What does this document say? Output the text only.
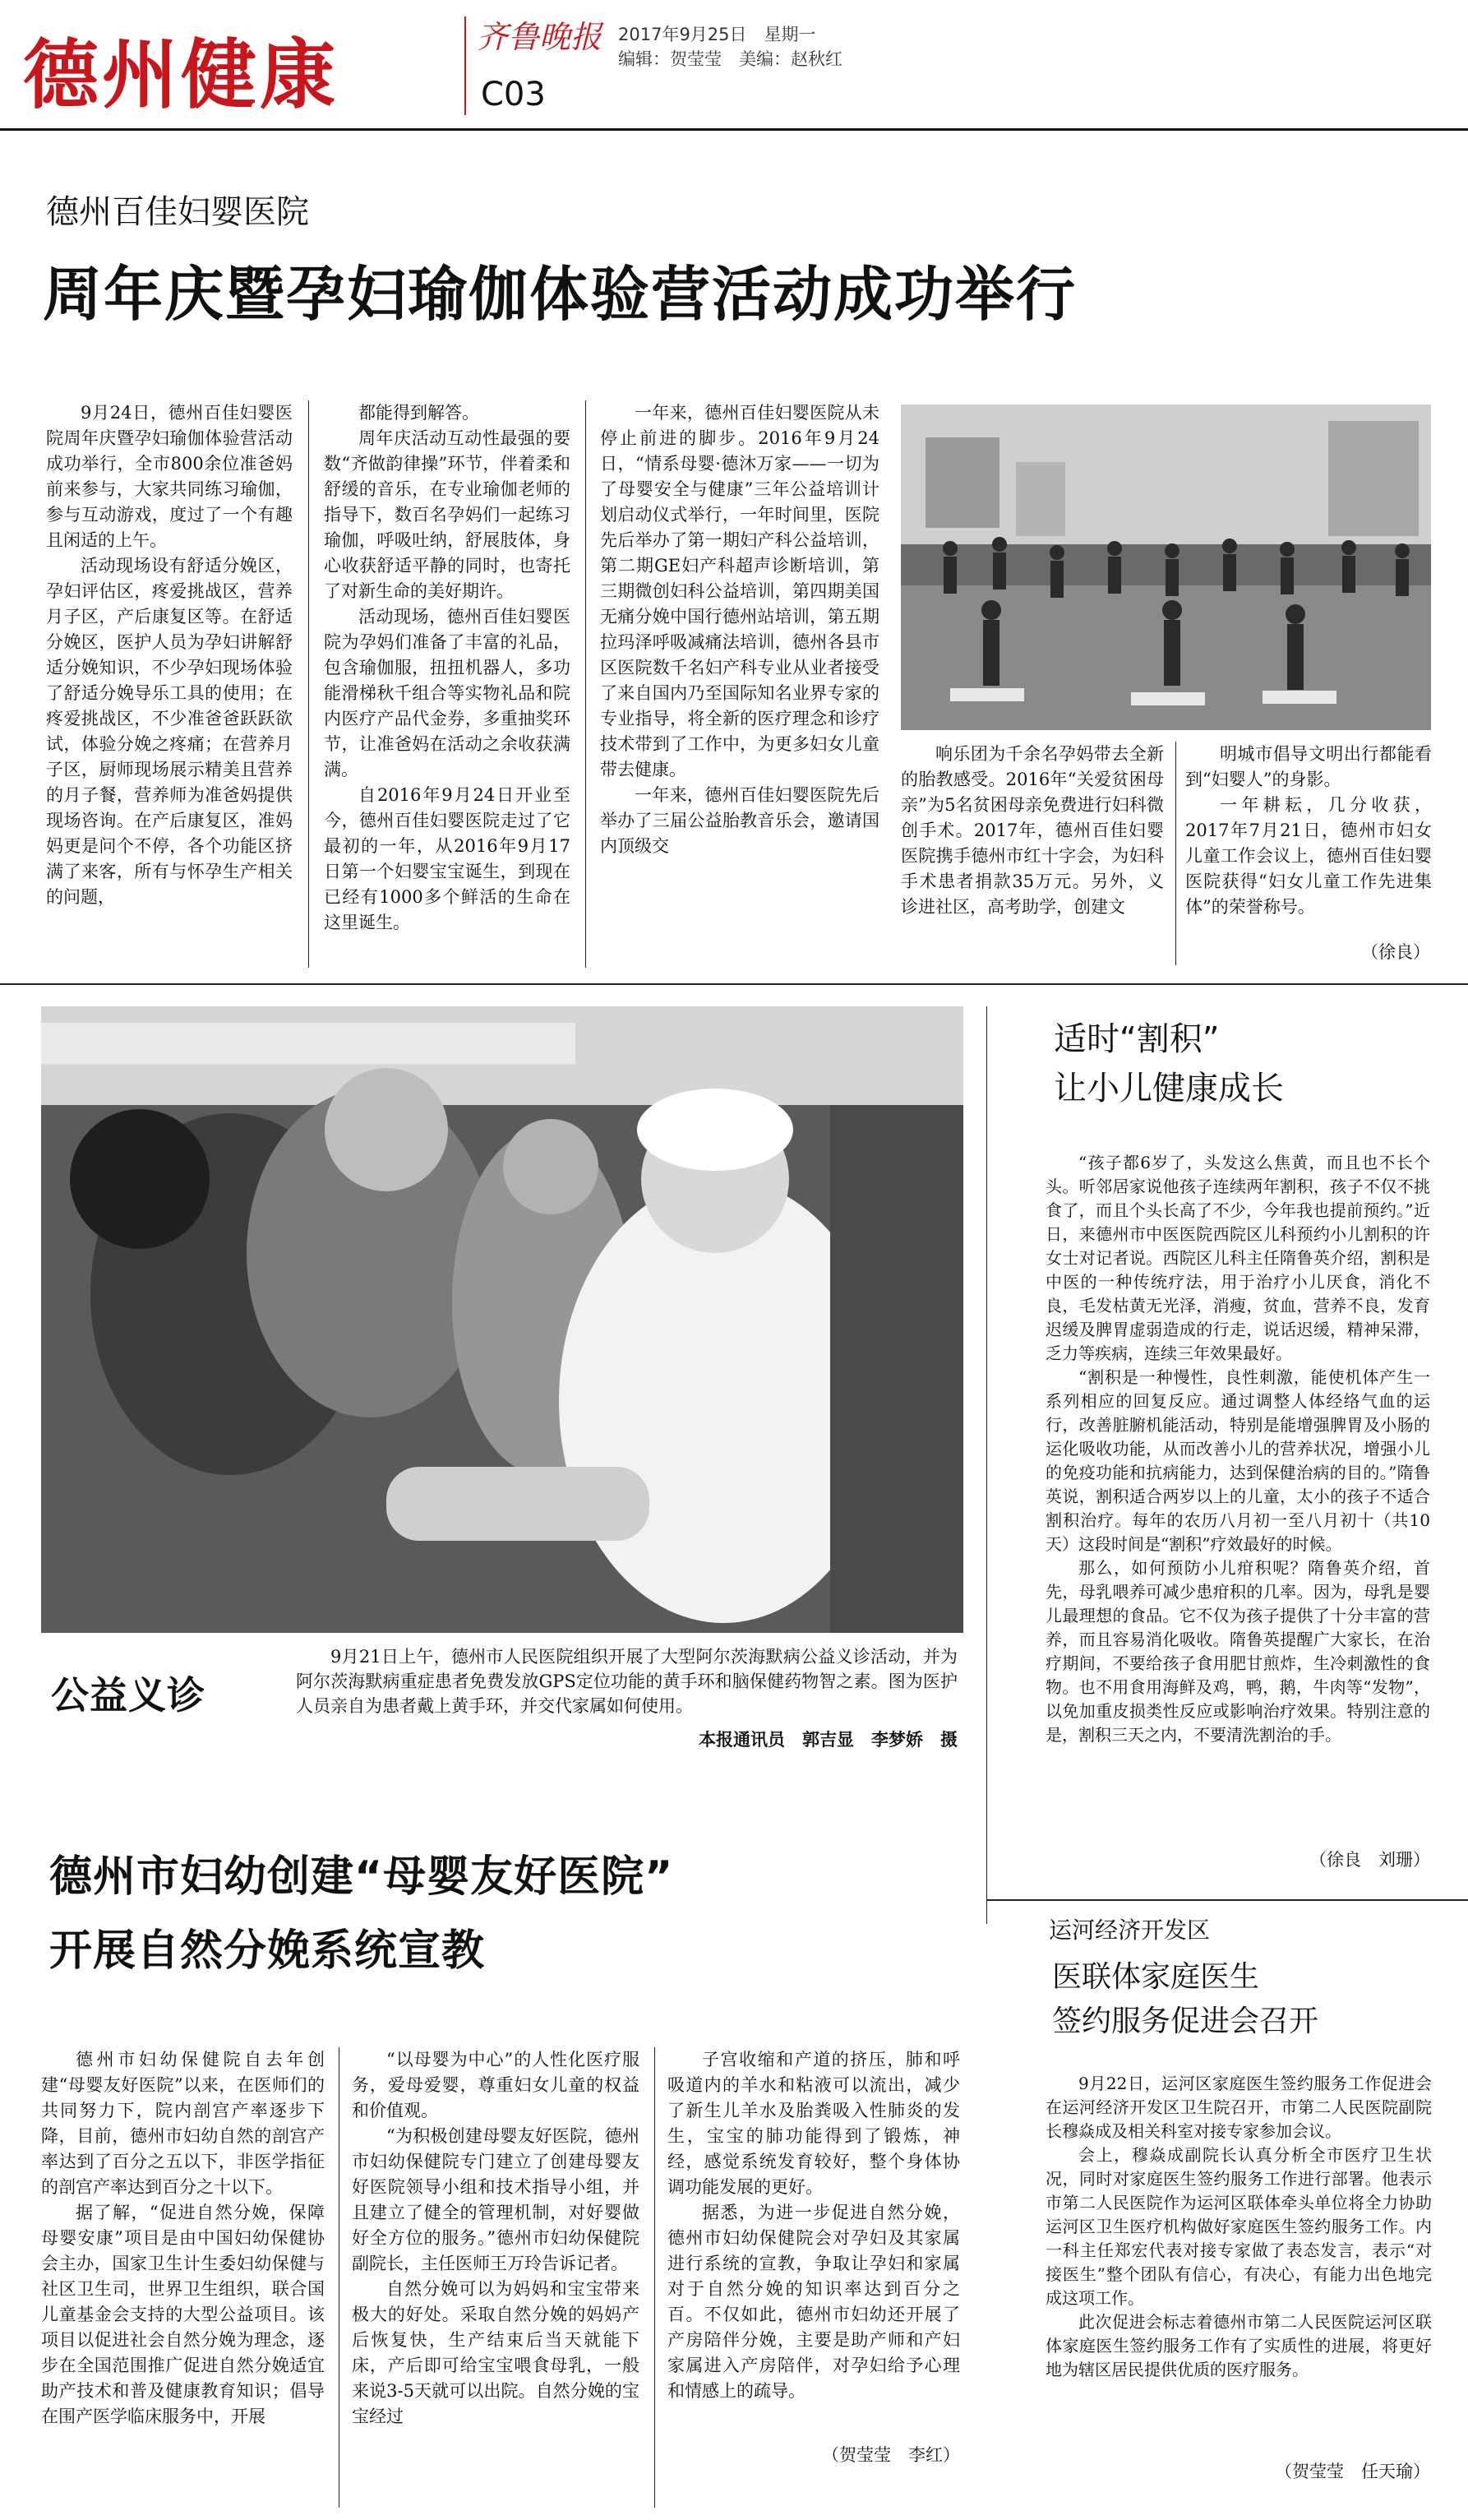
德州健康	齐鲁晚报
C03
2017年9月25日　星期一
编辑：贺莹莹　美编：赵秋红
德州百佳妇婴医院
周年庆暨孕妇瑜伽体验营活动成功举行

9月24日，德州百佳妇婴医院周年庆暨孕妇瑜伽体验营活动成功举行，全市800余位准爸妈前来参与，大家共同练习瑜伽，参与互动游戏，度过了一个有趣且闲适的上午。

活动现场设有舒适分娩区，孕妇评估区，疼爱挑战区，营养月子区，产后康复区等。在舒适分娩区，医护人员为孕妇讲解舒适分娩知识，不少孕妇现场体验了舒适分娩导乐工具的使用；在疼爱挑战区，不少准爸爸跃跃欲试，体验分娩之疼痛；在营养月子区，厨师现场展示精美且营养的月子餐，营养师为准爸妈提供现场咨询。在产后康复区，准妈妈更是问个不停，各个功能区挤满了来客，所有与怀孕生产相关的问题，

都能得到解答。

周年庆活动互动性最强的要数“齐做韵律操”环节，伴着柔和舒缓的音乐，在专业瑜伽老师的指导下，数百名孕妈们一起练习瑜伽，呼吸吐纳，舒展肢体，身心收获舒适平静的同时，也寄托了对新生命的美好期许。

活动现场，德州百佳妇婴医院为孕妈们准备了丰富的礼品，包含瑜伽服，扭扭机器人，多功能滑梯秋千组合等实物礼品和院内医疗产品代金券，多重抽奖环节，让准爸妈在活动之余收获满满。

自2016年9月24日开业至今，德州百佳妇婴医院走过了它最初的一年，从2016年9月17日第一个妇婴宝宝诞生，到现在已经有1000多个鲜活的生命在这里诞生。

一年来，德州百佳妇婴医院从未停止前进的脚步。2016年9月24日，“情系母婴·德沐万家——一切为了母婴安全与健康”三年公益培训计划启动仪式举行，一年时间里，医院先后举办了第一期妇产科公益培训，第二期GE妇产科超声诊断培训，第三期微创妇科公益培训，第四期美国无痛分娩中国行德州站培训，第五期拉玛泽呼吸减痛法培训，德州各县市区医院数千名妇产科专业从业者接受了来自国内乃至国际知名业界专家的专业指导，将全新的医疗理念和诊疗技术带到了工作中，为更多妇女儿童带去健康。

一年来，德州百佳妇婴医院先后举办了三届公益胎教音乐会，邀请国内顶级交

响乐团为千余名孕妈带去全新的胎教感受。2016年“关爱贫困母亲”为5名贫困母亲免费进行妇科微创手术。2017年，德州百佳妇婴医院携手德州市红十字会，为妇科手术患者捐款35万元。另外，义诊进社区，高考助学，创建文

明城市倡导文明出行都能看到“妇婴人”的身影。

一年耕耘，几分收获，2017年7月21日，德州市妇女儿童工作会议上，德州百佳妇婴医院获得“妇女儿童工作先进集体”的荣誉称号。

（徐良）
公益义诊
9月21日上午，德州市人民医院组织开展了大型阿尔茨海默病公益义诊活动，并为阿尔茨海默病重症患者免费发放GPS定位功能的黄手环和脑保健药物智之素。图为医护人员亲自为患者戴上黄手环，并交代家属如何使用。
本报通讯员　郭吉显　李梦娇　摄
适时“割积”
让小儿健康成长

“孩子都6岁了，头发这么焦黄，而且也不长个头。听邻居家说他孩子连续两年割积，孩子不仅不挑食了，而且个头长高了不少，今年我也提前预约。”近日，来德州市中医医院西院区儿科预约小儿割积的许女士对记者说。西院区儿科主任隋鲁英介绍，割积是中医的一种传统疗法，用于治疗小儿厌食，消化不良，毛发枯黄无光泽，消瘦，贫血，营养不良，发育迟缓及脾胃虚弱造成的行走，说话迟缓，精神呆滞，乏力等疾病，连续三年效果最好。

“割积是一种慢性，良性刺激，能使机体产生一系列相应的回复反应。通过调整人体经络气血的运行，改善脏腑机能活动，特别是能增强脾胃及小肠的运化吸收功能，从而改善小儿的营养状况，增强小儿的免疫功能和抗病能力，达到保健治病的目的。”隋鲁英说，割积适合两岁以上的儿童，太小的孩子不适合割积治疗。每年的农历八月初一至八月初十（共10天）这段时间是“割积”疗效最好的时候。

那么，如何预防小儿疳积呢？隋鲁英介绍，首先，母乳喂养可减少患疳积的几率。因为，母乳是婴儿最理想的食品。它不仅为孩子提供了十分丰富的营养，而且容易消化吸收。隋鲁英提醒广大家长，在治疗期间，不要给孩子食用肥甘煎炸，生冷刺激性的食物。也不用食用海鲜及鸡，鸭，鹅，牛肉等“发物”，以免加重皮损类性反应或影响治疗效果。特别注意的是，割积三天之内，不要清洗割治的手。

（徐良　刘珊）
运河经济开发区
医联体家庭医生
签约服务促进会召开

9月22日，运河区家庭医生签约服务工作促进会在运河经济开发区卫生院召开，市第二人民医院副院长穆焱成及相关科室对接专家参加会议。

会上，穆焱成副院长认真分析全市医疗卫生状况，同时对家庭医生签约服务工作进行部署。他表示市第二人民医院作为运河区联体牵头单位将全力协助运河区卫生医疗机构做好家庭医生签约服务工作。内一科主任郑宏代表对接专家做了表态发言，表示“对接医生”整个团队有信心，有决心，有能力出色地完成这项工作。

此次促进会标志着德州市第二人民医院运河区联体家庭医生签约服务工作有了实质性的进展，将更好地为辖区居民提供优质的医疗服务。

（贺莹莹　任天瑜）
德州市妇幼创建“母婴友好医院”
开展自然分娩系统宣教

德州市妇幼保健院自去年创建“母婴友好医院”以来，在医师们的共同努力下，院内剖宫产率逐步下降，目前，德州市妇幼自然的剖宫产率达到了百分之五以下，非医学指征的剖宫产率达到百分之十以下。

据了解，“促进自然分娩，保障母婴安康”项目是由中国妇幼保健协会主办，国家卫生计生委妇幼保健与社区卫生司，世界卫生组织，联合国儿童基金会支持的大型公益项目。该项目以促进社会自然分娩为理念，逐步在全国范围推广促进自然分娩适宜助产技术和普及健康教育知识；倡导在围产医学临床服务中，开展

“以母婴为中心”的人性化医疗服务，爱母爱婴，尊重妇女儿童的权益和价值观。

“为积极创建母婴友好医院，德州市妇幼保健院专门建立了创建母婴友好医院领导小组和技术指导小组，并且建立了健全的管理机制，对好婴做好全方位的服务。”德州市妇幼保健院副院长，主任医师王万玲告诉记者。

自然分娩可以为妈妈和宝宝带来极大的好处。采取自然分娩的妈妈产后恢复快，生产结束后当天就能下床，产后即可给宝宝喂食母乳，一般来说3-5天就可以出院。自然分娩的宝宝经过

子宫收缩和产道的挤压，肺和呼吸道内的羊水和粘液可以流出，减少了新生儿羊水及胎粪吸入性肺炎的发生，宝宝的肺功能得到了锻炼，神经，感觉系统发育较好，整个身体协调功能发展的更好。

据悉，为进一步促进自然分娩，德州市妇幼保健院会对孕妇及其家属进行系统的宣教，争取让孕妇和家属对于自然分娩的知识率达到百分之百。不仅如此，德州市妇幼还开展了产房陪伴分娩，主要是助产师和产妇家属进入产房陪伴，对孕妇给予心理和情感上的疏导。

（贺莹莹　李红）
